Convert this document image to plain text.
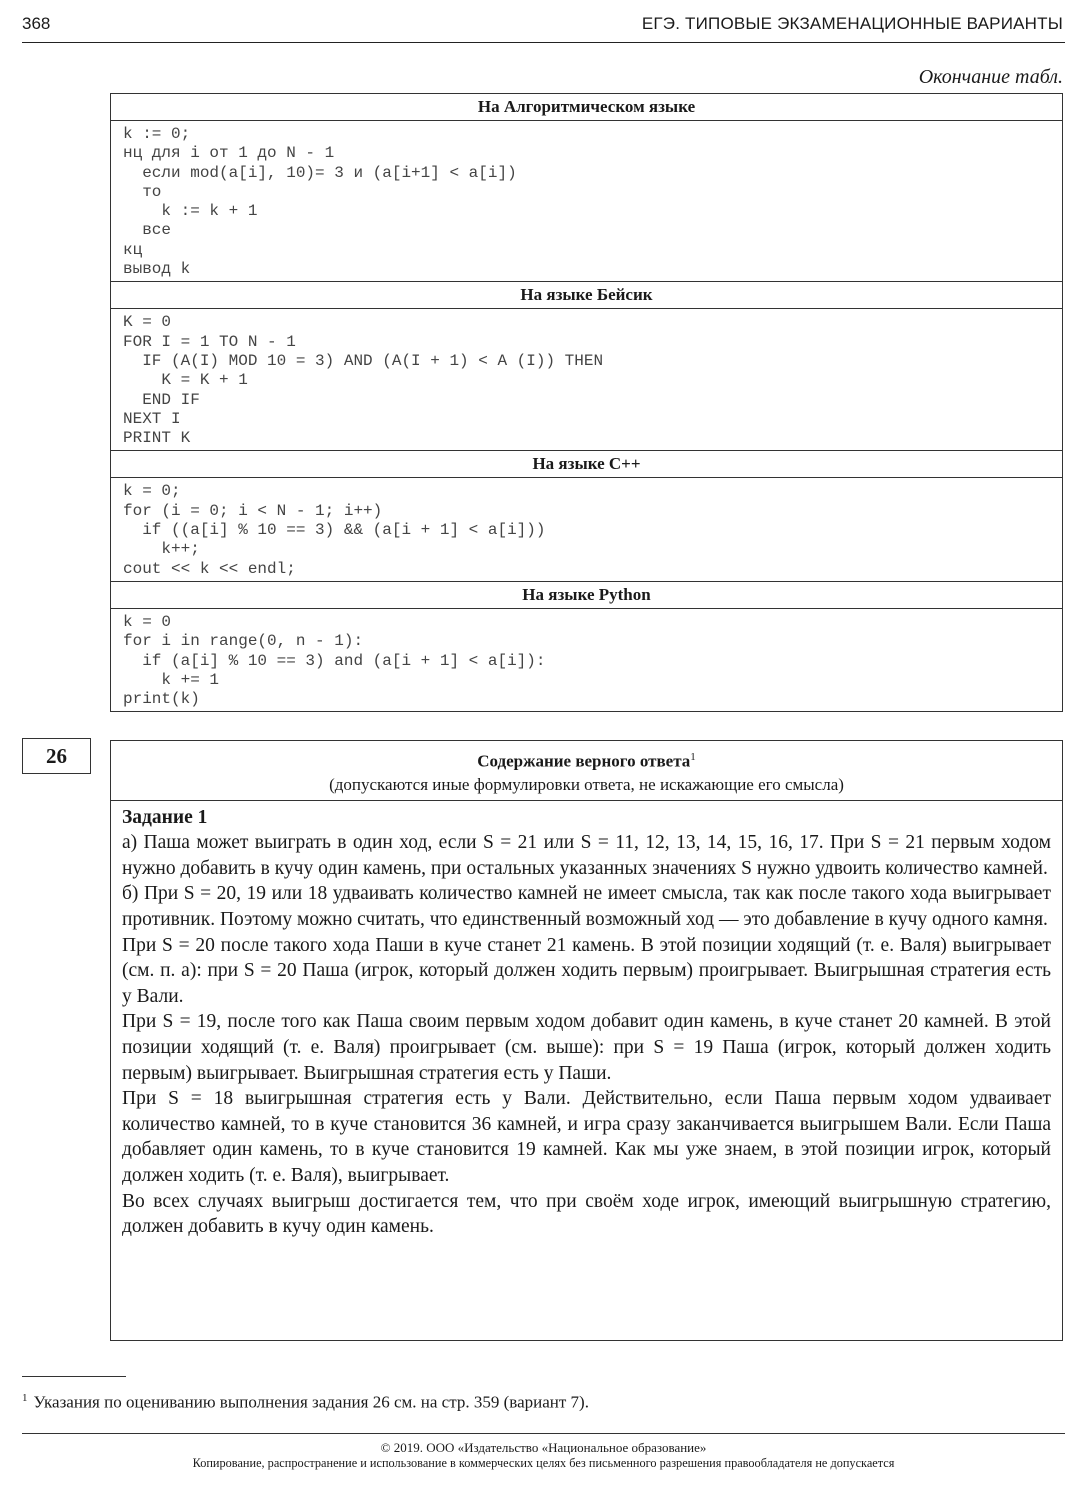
368	ЕГЭ. ТИПОВЫЕ ЭКЗАМЕНАЦИОННЫЕ ВАРИАНТЫ
Окончание табл.
На Алгоритмическом языке
k := 0;
нц для i от 1 до N - 1
если mod(a[i], 10)= 3 и (a[i+1] < a[i])
то
k := k + 1
все
кц
вывод k
На языке Бейсик
K = 0
FOR I = 1 TO N - 1
IF (A(I) MOD 10 = 3) AND (A(I + 1) < A (I)) THEN
K = K + 1
END IF
NEXT I
PRINT K
На языке С++
k = 0;
for (i = 0; i < N - 1; i++)
if ((a[i] % 10 == 3) && (a[i + 1] < a[i]))
k++;
cout << k << endl;
На языке Python
k = 0
for i in range(0, n - 1):
if (a[i] % 10 == 3) and (a[i + 1] < a[i]):
k += 1
print(k)
26	Содержание верного ответа$^1$
(допускаются иные формулировки ответа, не искажающие его смысла)

Задание 1

а) Паша может выиграть в один ход, если S = 21 или S = 11, 12, 13, 14, 15, 16, 17. При S = 21 первым ходом нужно добавить в кучу один камень, при остальных указанных значениях S нужно удвоить количество камней.

б) При S = 20, 19 или 18 удваивать количество камней не имеет смысла, так как после такого хода выигрывает противник. Поэтому можно считать, что единственный возможный ход — это добавление в кучу одного камня.

При S = 20 после такого хода Паши в куче станет 21 камень. В этой позиции ходящий (т. е. Валя) выигрывает (см. п. а): при S = 20 Паша (игрок, который должен ходить первым) проигрывает. Выигрышная стратегия есть у Вали.

При S = 19, после того как Паша своим первым ходом добавит один камень, в куче станет 20 камней. В этой позиции ходящий (т. е. Валя) проигрывает (см. выше): при S = 19 Паша (игрок, который должен ходить первым) выигрывает. Выигрышная стратегия есть у Паши.

При S = 18 выигрышная стратегия есть у Вали. Действительно, если Паша первым ходом удваивает количество камней, то в куче становится 36 камней, и игра сразу заканчивается выигрышем Вали. Если Паша добавляет один камень, то в куче становится 19 камней. Как мы уже знаем, в этой позиции игрок, который должен ходить (т. е. Валя), выигрывает.

Во всех случаях выигрыш достигается тем, что при своём ходе игрок, имеющий выигрышную стратегию, должен добавить в кучу один камень.

$^1$ Указания по оцениванию выполнения задания 26 см. на стр. 359 (вариант 7).
© 2019. ООО «Издательство «Национальное образование»
Копирование, распространение и использование в коммерческих целях без письменного разрешения правообладателя не допускается
